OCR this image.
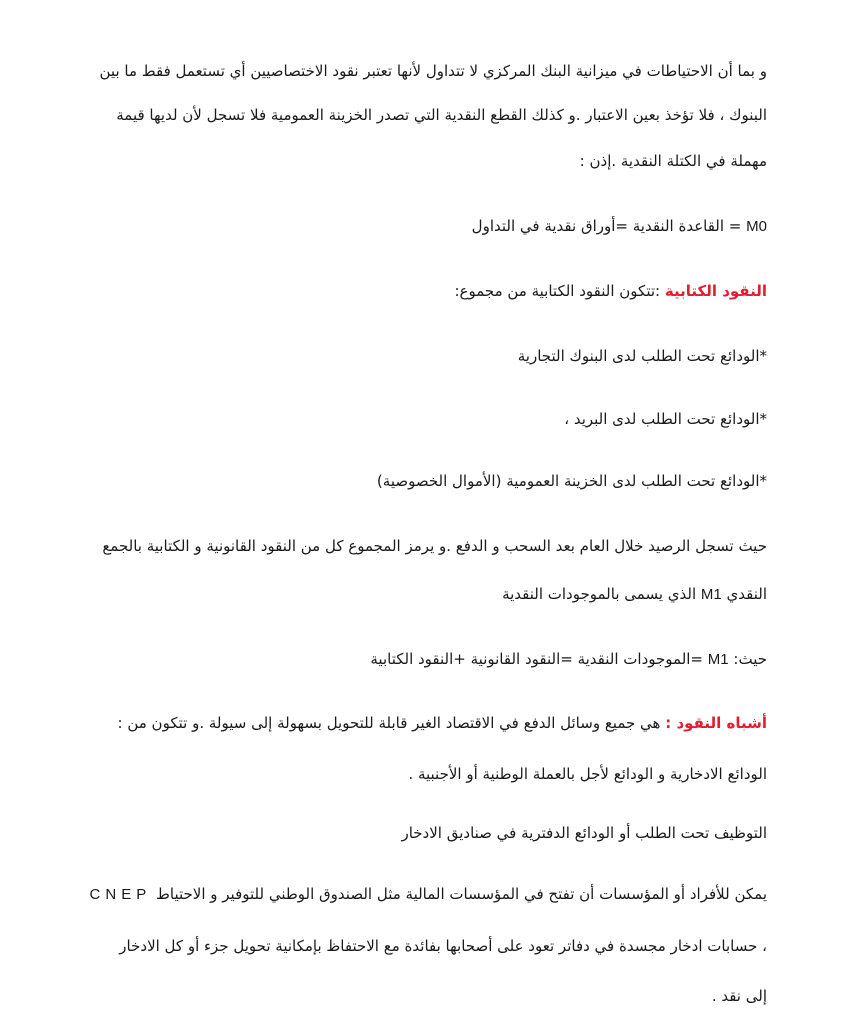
و بما أن الاحتياطات في ميزانية البنك المركزي لا تتداول لأنها تعتبر نقود الاختصاصيين أي تستعمل فقط ما بين
البنوك ، فلا تؤخذ بعين الاعتبار .و كذلك القطع النقدية التي تصدر الخزينة العمومية فلا تسجل لأن لديها قيمة
مهملة في الكتلة النقدية .إذن :
M0 = القاعدة النقدية =أوراق نقدية في التداول
النقود الكتابية :تتكون النقود الكتابية من مجموع:
*الودائع تحت الطلب لدى البنوك التجارية
*الودائع تحت الطلب لدى البريد ،
*الودائع تحت الطلب لدى الخزينة العمومية (الأموال الخصوصية)
حيث تسجل الرصيد خلال العام بعد السحب و الدفع .و يرمز المجموع كل من النقود القانونية و الكتابية بالجمع
النقدي M1 الذي يسمى بالموجودات النقدية
حيث: M1 =الموجودات النقدية =النقود القانونية +النقود الكتابية
أشباه النقود : هي جميع وسائل الدفع في الاقتصاد الغير قابلة للتحويل بسهولة إلى سيولة .و تتكون من :
الودائع الادخارية و الودائع لأجل بالعملة الوطنية أو الأجنبية .
التوظيف تحت الطلب أو الودائع الدفترية في صناديق الادخار
يمكن للأفراد أو المؤسسات أن تفتح في المؤسسات المالية مثل الصندوق الوطني للتوفير و الاحتياط CNEP
، حسابات ادخار مجسدة في دفاتر تعود على أصحابها بفائدة مع الاحتفاظ بإمكانية تحويل جزء أو كل الادخار
إلى نقد .
